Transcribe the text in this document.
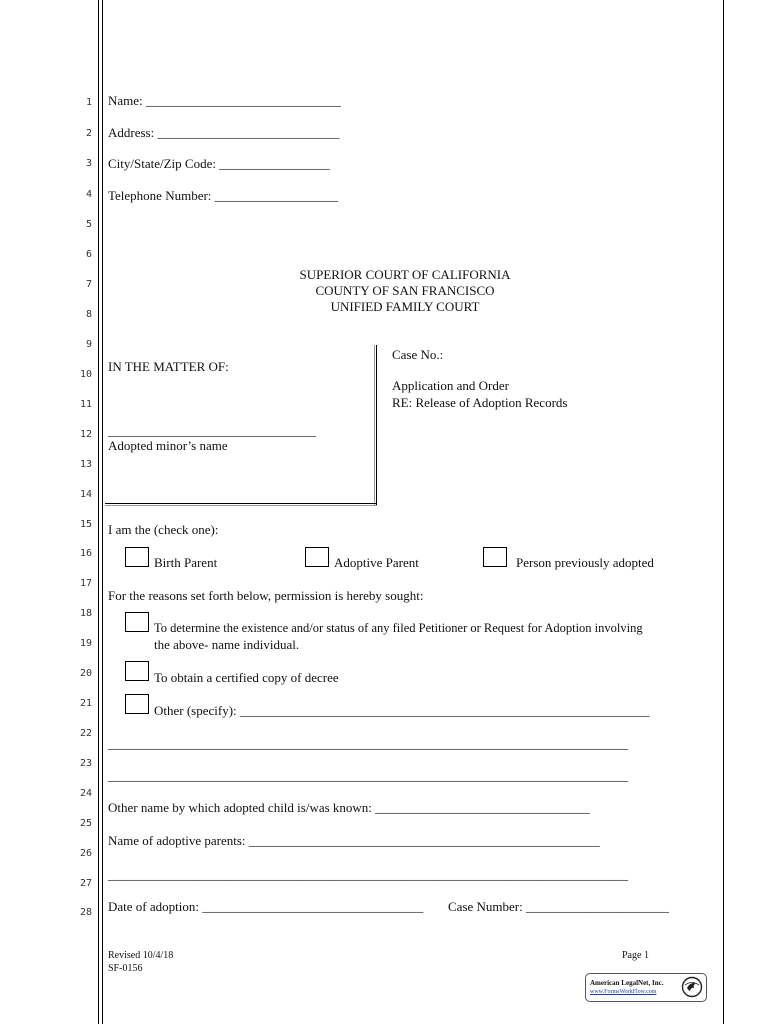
1
2
3
4
5
6
7
8
9
10
11
12
13
14
15
16
17
18
19
20
21
22
23
24
25
26
27
28
Name: ______________________________
Address: ____________________________
City/State/Zip Code: _________________
Telephone Number: ___________________
SUPERIOR COURT OF CALIFORNIA
COUNTY OF SAN FRANCISCO
UNIFIED FAMILY COURT
IN THE MATTER OF:
________________________________
Adopted minor’s name
Case No.:
Application and Order
RE: Release of Adoption Records
I am the (check one):
Birth Parent	Adoptive Parent	Person previously adopted
For the reasons set forth below, permission is hereby sought:
To determine the existence and/or status of any filed Petitioner or Request for Adoption involving
the above- name individual.
To obtain a certified copy of decree
Other (specify): _______________________________________________________________
________________________________________________________________________________
________________________________________________________________________________
Other name by which adopted child is/was known: _________________________________
Name of adoptive parents: ______________________________________________________
________________________________________________________________________________
Date of adoption: __________________________________ Case Number: ______________________
Revised 10/4/18
SF-0156
Page 1
American LegalNet, Inc.
www.FormsWorkFlow.com
